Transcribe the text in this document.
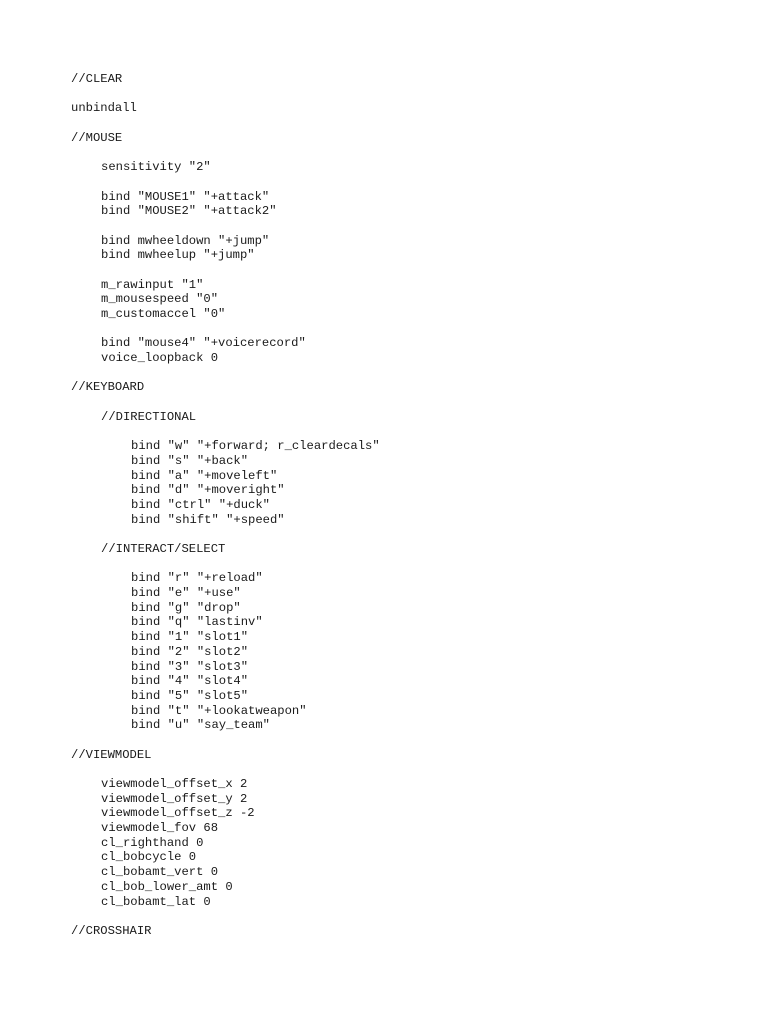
//CLEAR
unbindall
//MOUSE
sensitivity "2"
bind "MOUSE1" "+attack"
bind "MOUSE2" "+attack2"
bind mwheeldown "+jump"
bind mwheelup "+jump"
m_rawinput "1"
m_mousespeed "0"
m_customaccel "0"
bind "mouse4" "+voicerecord"
voice_loopback 0
//KEYBOARD
//DIRECTIONAL
bind "w" "+forward; r_cleardecals"
bind "s" "+back"
bind "a" "+moveleft"
bind "d" "+moveright"
bind "ctrl" "+duck"
bind "shift" "+speed"
//INTERACT/SELECT
bind "r" "+reload"
bind "e" "+use"
bind "g" "drop"
bind "q" "lastinv"
bind "1" "slot1"
bind "2" "slot2"
bind "3" "slot3"
bind "4" "slot4"
bind "5" "slot5"
bind "t" "+lookatweapon"
bind "u" "say_team"
//VIEWMODEL
viewmodel_offset_x 2
viewmodel_offset_y 2
viewmodel_offset_z -2
viewmodel_fov 68
cl_righthand 0
cl_bobcycle 0
cl_bobamt_vert 0
cl_bob_lower_amt 0
cl_bobamt_lat 0
//CROSSHAIR
